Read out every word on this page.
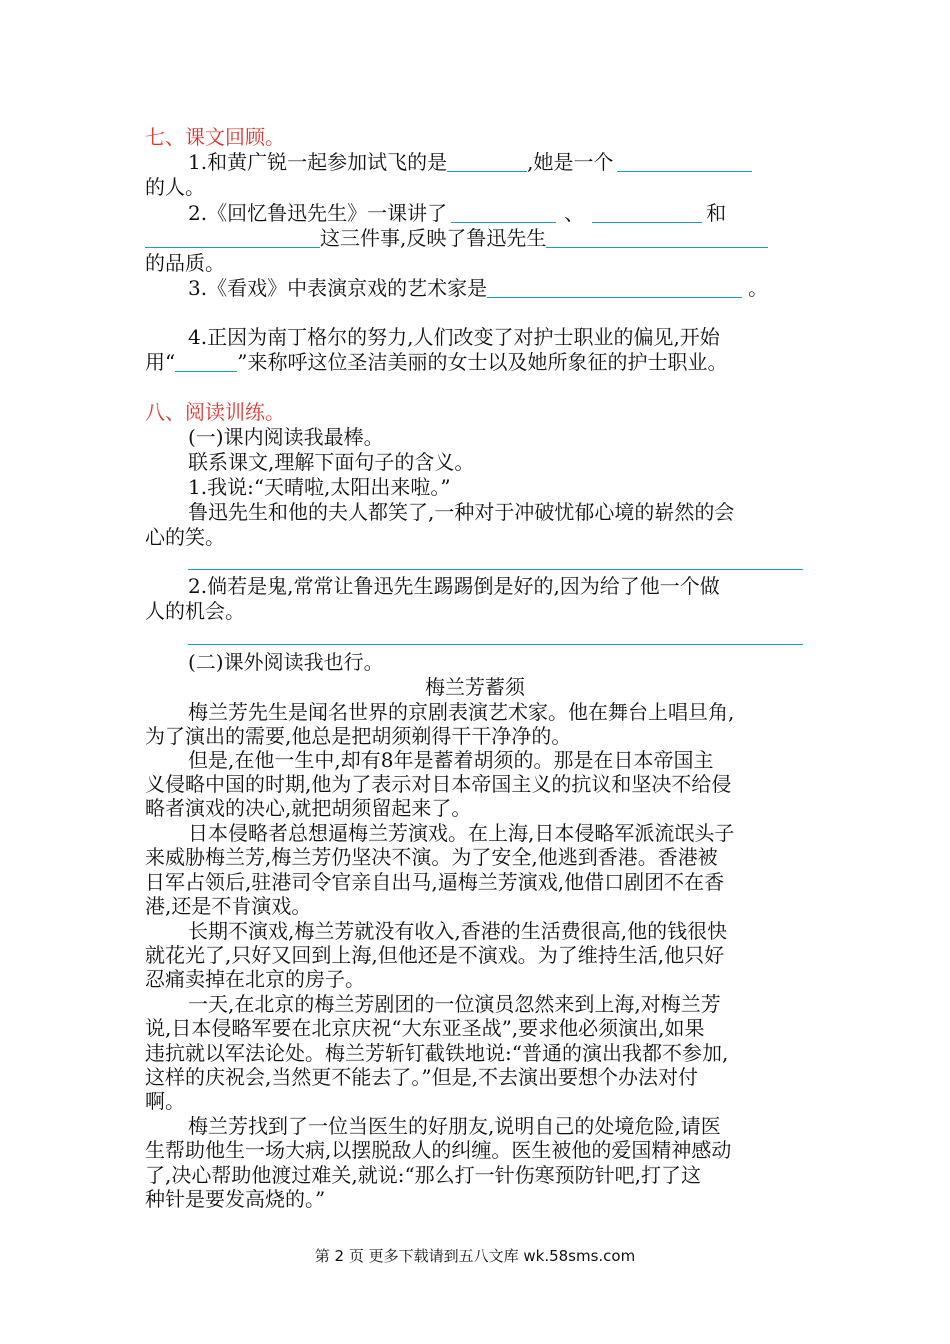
七、课文回顾。
1.和黄广锐一起参加试飞的是	,她是一个
的人。
2.《回忆鲁迅先生》一课讲了	、	和
这三件事,反映了鲁迅先生
的品质。
3.《看戏》中表演京戏的艺术家是	。
4.正因为南丁格尔的努力,人们改变了对护士职业的偏见,开始
用“	”来称呼这位圣洁美丽的女士以及她所象征的护士职业。
八、阅读训练。
(一)课内阅读我最棒。
联系课文,理解下面句子的含义。
1.我说:“天晴啦,太阳出来啦。”
鲁迅先生和他的夫人都笑了,一种对于冲破忧郁心境的崭然的会
心的笑。
2.倘若是鬼,常常让鲁迅先生踢踢倒是好的,因为给了他一个做
人的机会。
(二)课外阅读我也行。
梅兰芳蓄须
梅兰芳先生是闻名世界的京剧表演艺术家。他在舞台上唱旦角,
为了演出的需要,他总是把胡须剃得干干净净的。
但是,在他一生中,却有8年是蓄着胡须的。那是在日本帝国主
义侵略中国的时期,他为了表示对日本帝国主义的抗议和坚决不给侵
略者演戏的决心,就把胡须留起来了。
日本侵略者总想逼梅兰芳演戏。在上海,日本侵略军派流氓头子
来威胁梅兰芳,梅兰芳仍坚决不演。为了安全,他逃到香港。香港被
日军占领后,驻港司令官亲自出马,逼梅兰芳演戏,他借口剧团不在香
港,还是不肯演戏。
长期不演戏,梅兰芳就没有收入,香港的生活费很高,他的钱很快
就花光了,只好又回到上海,但他还是不演戏。为了维持生活,他只好
忍痛卖掉在北京的房子。
一天,在北京的梅兰芳剧团的一位演员忽然来到上海,对梅兰芳
说,日本侵略军要在北京庆祝“大东亚圣战”,要求他必须演出,如果
违抗就以军法论处。梅兰芳斩钉截铁地说:“普通的演出我都不参加,
这样的庆祝会,当然更不能去了。”但是,不去演出要想个办法对付
啊。
梅兰芳找到了一位当医生的好朋友,说明自己的处境危险,请医
生帮助他生一场大病,以摆脱敌人的纠缠。医生被他的爱国精神感动
了,决心帮助他渡过难关,就说:“那么打一针伤寒预防针吧,打了这
种针是要发高烧的。”
第 2 页 更多下载请到五八文库 wk.58sms.com
